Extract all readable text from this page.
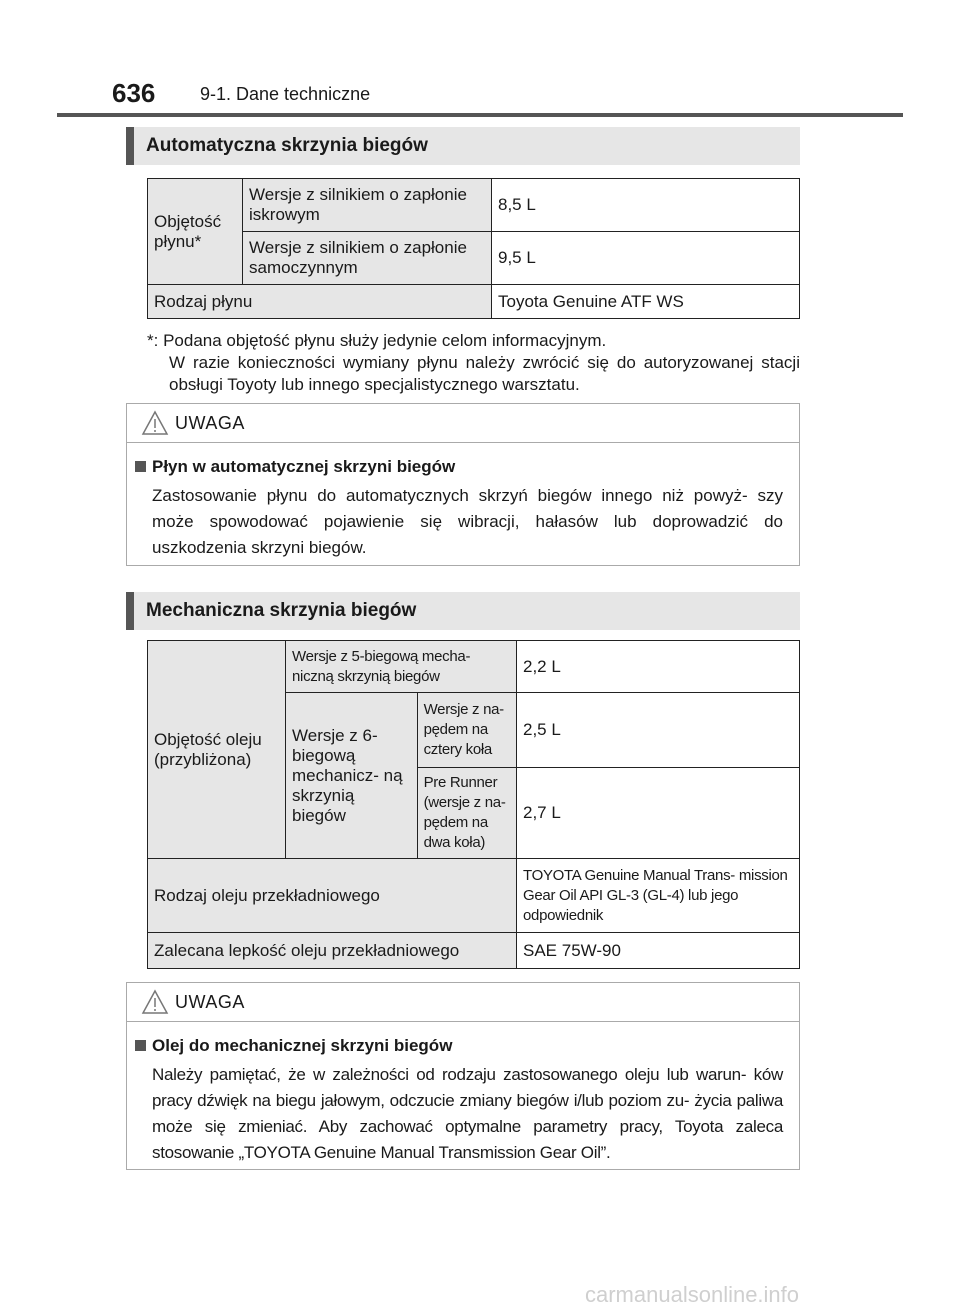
636 9-1. Dane techniczne
Automatyczna skrzynia biegów
Objętość płynu*	Wersje z silnikiem o zapłonie iskrowym	8,5 L
	Wersje z silnikiem o zapłonie samoczynnym	9,5 L
Rodzaj płynu		Toyota Genuine ATF WS
*: Podana objętość płynu służy jedynie celom informacyjnym.
W razie konieczności wymiany płynu należy zwrócić się do autoryzowanej stacji obsługi Toyoty lub innego specjalistycznego warsztatu.
UWAGA
Płyn w automatycznej skrzyni biegów
Zastosowanie płynu do automatycznych skrzyń biegów innego niż powyż- szy może spowodować pojawienie się wibracji, hałasów lub doprowadzić do uszkodzenia skrzyni biegów.
Mechaniczna skrzynia biegów
Objętość oleju (przybliżona)	Wersje z 5-biegową mecha- niczną skrzynią biegów		2,2 L
	Wersje z 6-biegową mechanicz- ną skrzynią biegów	Wersje z na- pędem na cztery koła	2,5 L
		Pre Runner (wersje z na- pędem na dwa koła)	2,7 L
Rodzaj oleju przekładniowego			TOYOTA Genuine Manual Trans- mission Gear Oil API GL-3 (GL-4) lub jego odpowiednik
Zalecana lepkość oleju przekładniowego			SAE 75W-90
UWAGA
Olej do mechanicznej skrzyni biegów
Należy pamiętać, że w zależności od rodzaju zastosowanego oleju lub warun- ków pracy dźwięk na biegu jałowym, odczucie zmiany biegów i/lub poziom zu- życia paliwa może się zmieniać. Aby zachować optymalne parametry pracy, Toyota zaleca stosowanie „TOYOTA Genuine Manual Transmission Gear Oil”.
carmanualsonline.info
